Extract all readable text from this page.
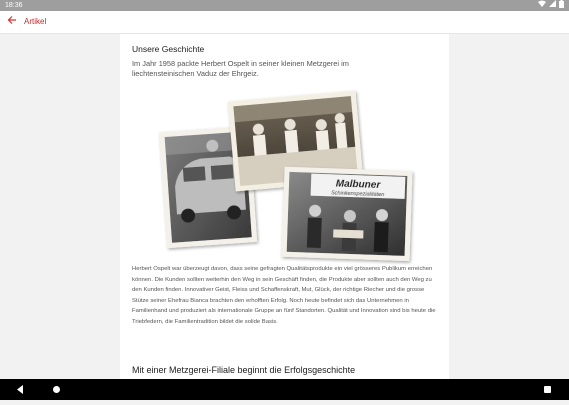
18:36
Artikel
Unsere Geschichte
Im Jahr 1958 packte Herbert Ospelt in seiner kleinen Metzgerei im liechtensteinischen Vaduz der Ehrgeiz.
Malbuner
Schinkenspezialitäten
Herbert Ospelt war überzeugt davon, dass seine gefragten Qualitätsprodukte ein viel grösseres Publikum erreichen können. Die Kunden sollten weiterhin den Weg in sein Geschäft finden, die Produkte aber sollten auch den Weg zu den Kunden finden. Innovativer Geist, Fleiss und Schaffenskraft, Mut, Glück, der richtige Riecher und die grosse Stütze seiner Ehefrau Bianca brachten den erhofften Erfolg. Noch heute befindet sich das Unternehmen in Familienhand und produziert als internationale Gruppe an fünf Standorten. Qualität und Innovation sind bis heute die Triebfedern, die Familientradition bildet die solide Basis.
Mit einer Metzgerei-Filiale beginnt die Erfolgsgeschichte
